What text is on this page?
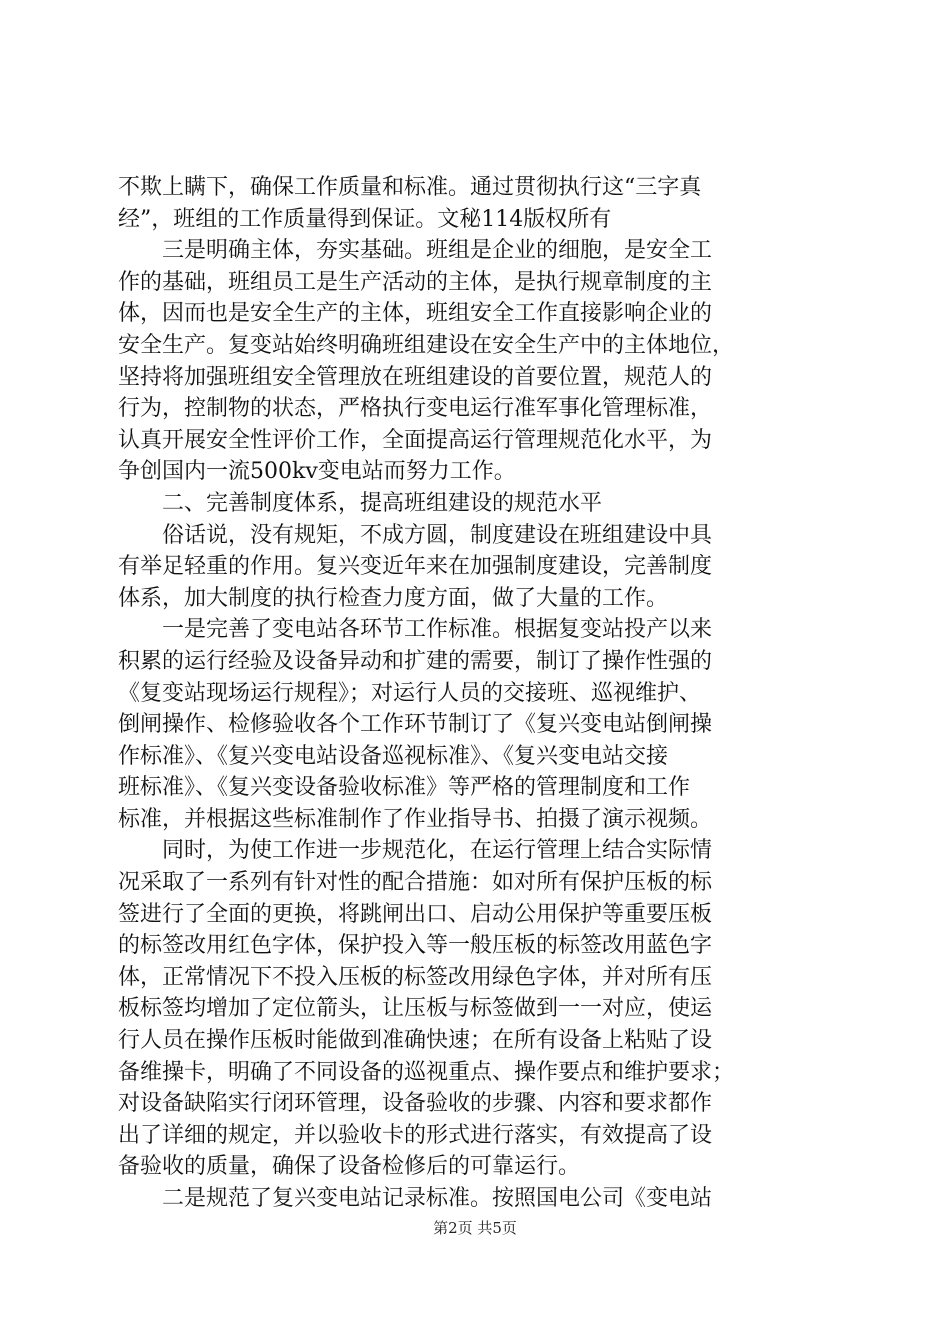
不欺上瞒下，确保工作质量和标准。通过贯彻执行这“三字真
经”，班组的工作质量得到保证。文秘114版权所有
　　三是明确主体，夯实基础。班组是企业的细胞，是安全工
作的基础，班组员工是生产活动的主体，是执行规章制度的主
体，因而也是安全生产的主体，班组安全工作直接影响企业的
安全生产。复变站始终明确班组建设在安全生产中的主体地位，
坚持将加强班组安全管理放在班组建设的首要位置，规范人的
行为，控制物的状态，严格执行变电运行准军事化管理标准，
认真开展安全性评价工作，全面提高运行管理规范化水平，为
争创国内一流500kv变电站而努力工作。
　　二、完善制度体系，提高班组建设的规范水平
　　俗话说，没有规矩，不成方圆，制度建设在班组建设中具
有举足轻重的作用。复兴变近年来在加强制度建设，完善制度
体系，加大制度的执行检查力度方面，做了大量的工作。
　　一是完善了变电站各环节工作标准。根据复变站投产以来
积累的运行经验及设备异动和扩建的需要，制订了操作性强的
《复变站现场运行规程》；对运行人员的交接班、巡视维护、
倒闸操作、检修验收各个工作环节制订了《复兴变电站倒闸操
作标准》、《复兴变电站设备巡视标准》、《复兴变电站交接
班标准》、《复兴变设备验收标准》等严格的管理制度和工作
标准，并根据这些标准制作了作业指导书、拍摄了演示视频。
　　同时，为使工作进一步规范化，在运行管理上结合实际情
况采取了一系列有针对性的配合措施：如对所有保护压板的标
签进行了全面的更换，将跳闸出口、启动公用保护等重要压板
的标签改用红色字体，保护投入等一般压板的标签改用蓝色字
体，正常情况下不投入压板的标签改用绿色字体，并对所有压
板标签均增加了定位箭头，让压板与标签做到一一对应，使运
行人员在操作压板时能做到准确快速；在所有设备上粘贴了设
备维操卡，明确了不同设备的巡视重点、操作要点和维护要求；
对设备缺陷实行闭环管理，设备验收的步骤、内容和要求都作
出了详细的规定，并以验收卡的形式进行落实，有效提高了设
备验收的质量，确保了设备检修后的可靠运行。
　　二是规范了复兴变电站记录标准。按照国电公司《变电站
第2页 共5页
